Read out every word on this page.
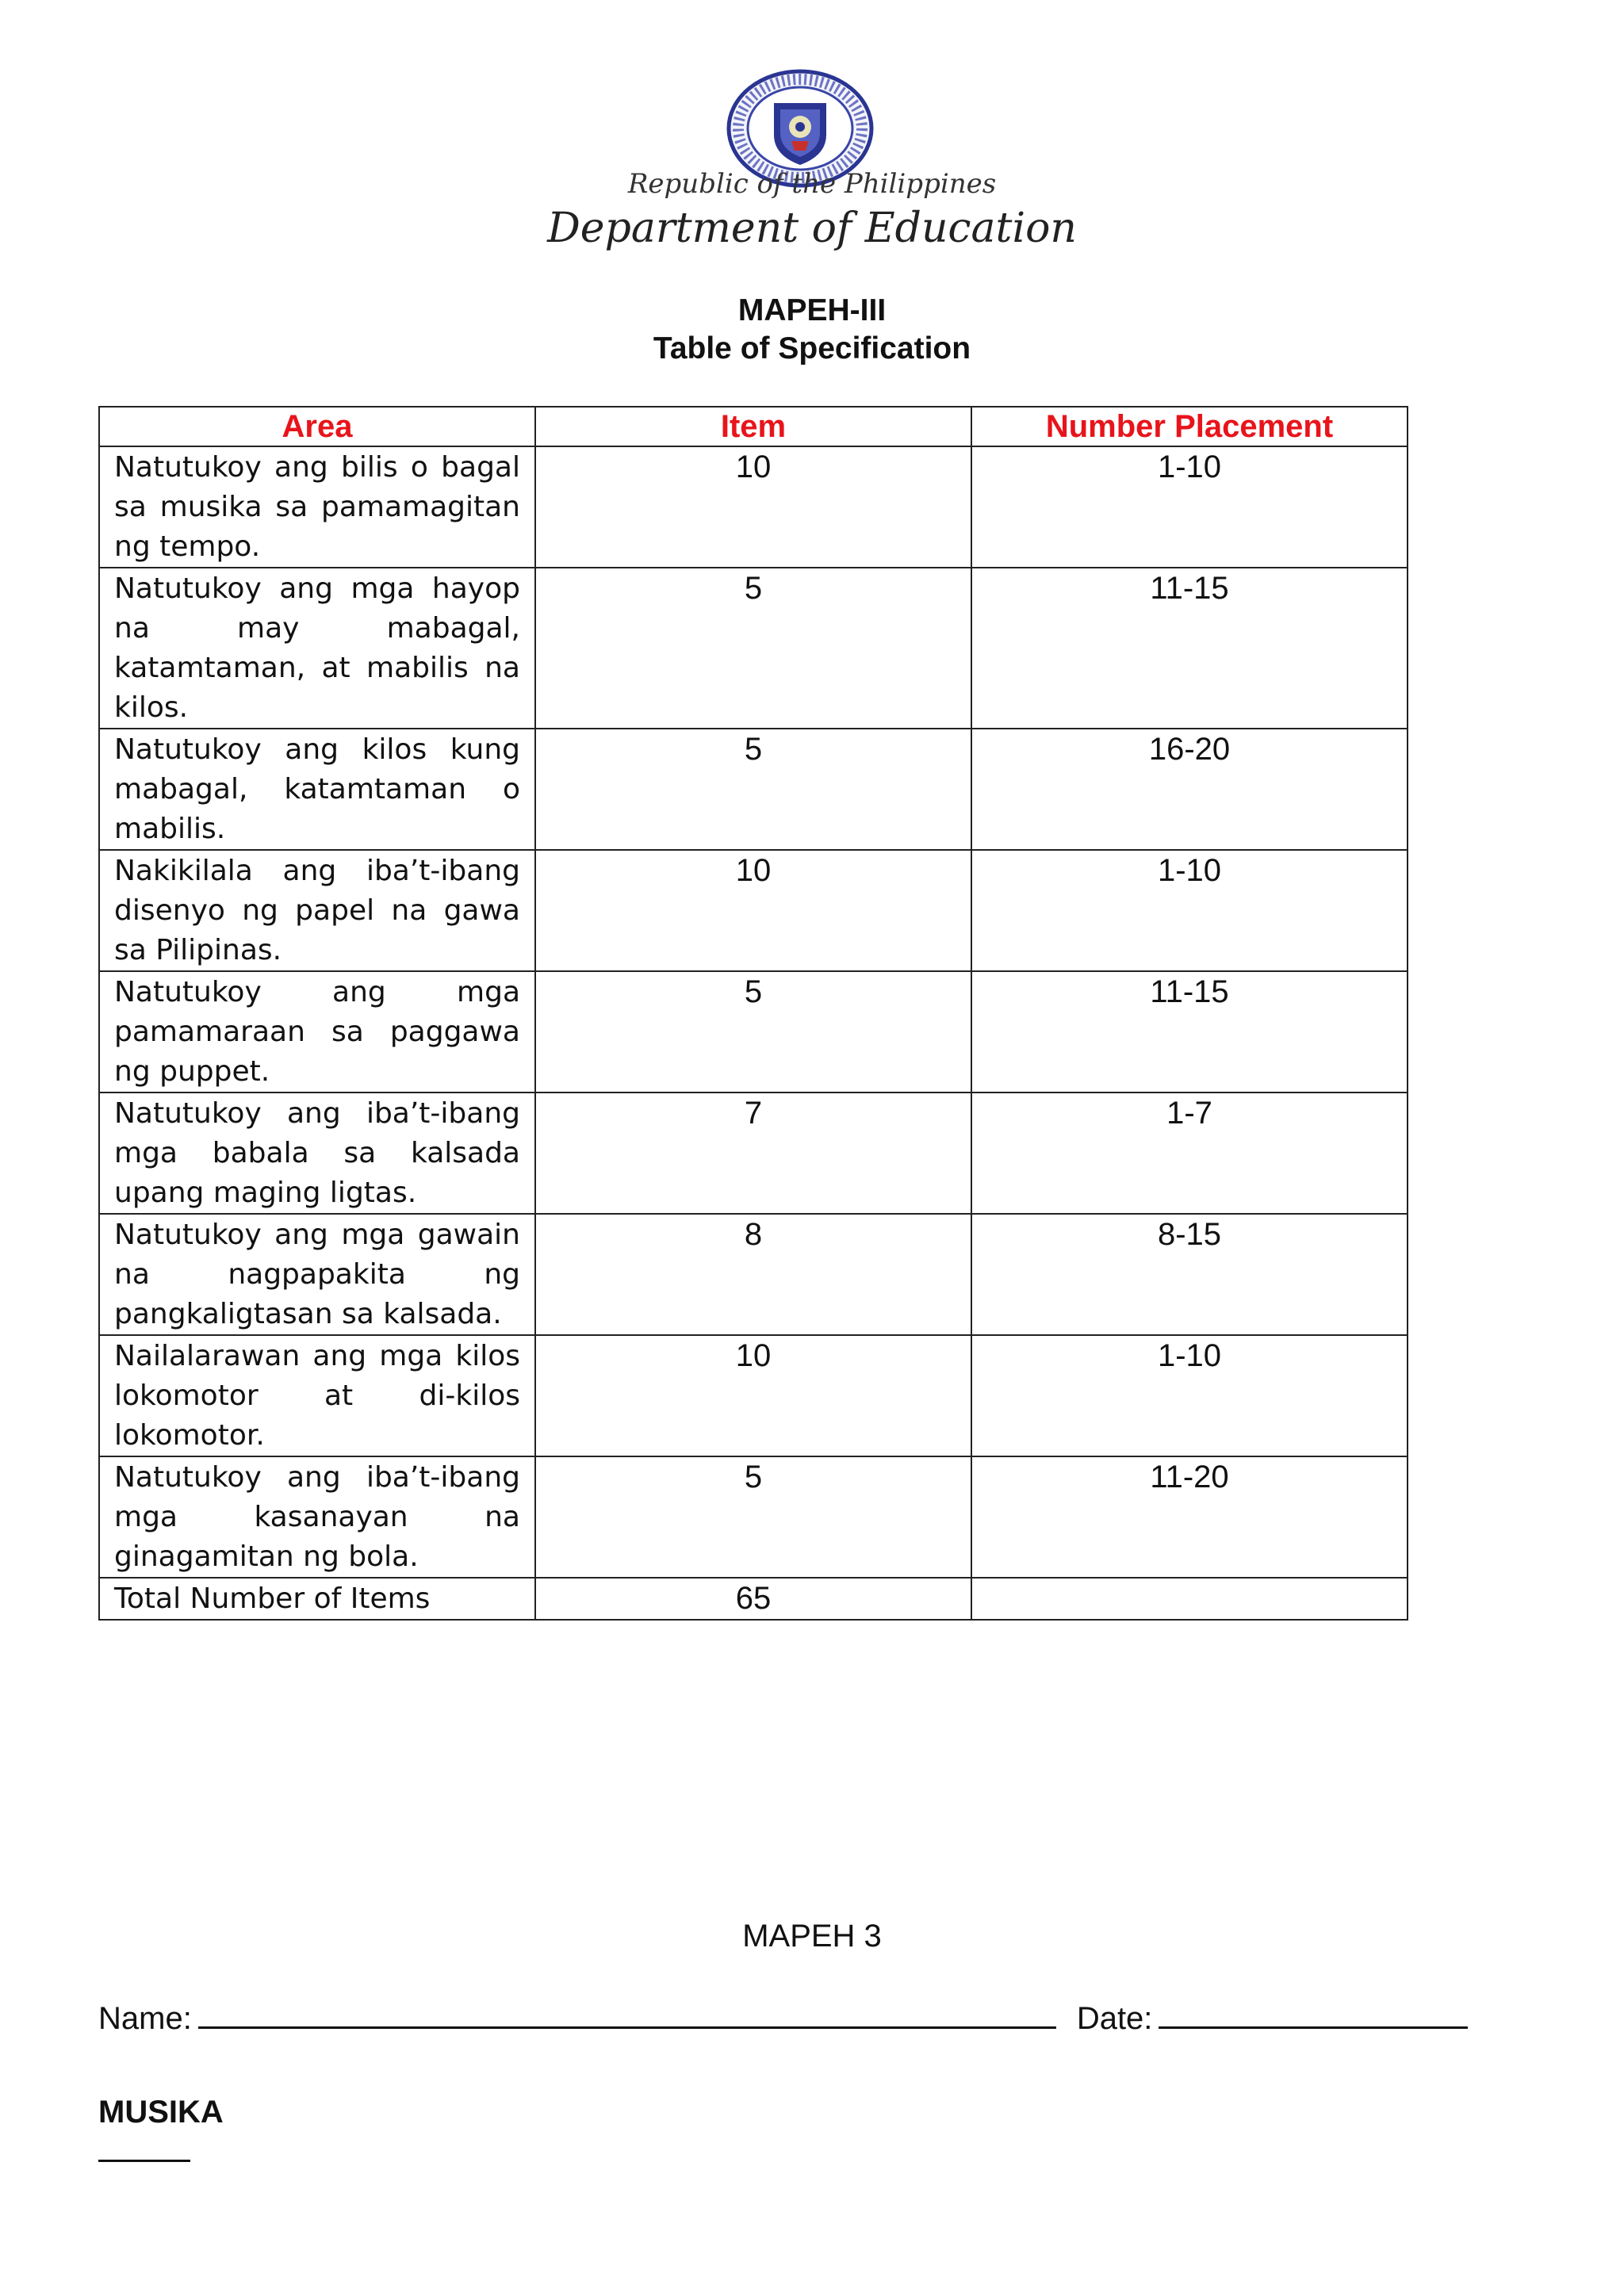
Republic of the Philippines
Department of Education
MAPEH-III
Table of Specification
Area	Item	Number Placement
Natutukoy ang bilis o bagal sa musika sa pamamagitan ng tempo.	10	1-10
Natutukoy ang mga hayop na may mabagal, katamtaman, at mabilis na kilos.	5	11-15
Natutukoy ang kilos kung mabagal, katamtaman o mabilis.	5	16-20
Nakikilala ang iba’t-ibang disenyo ng papel na gawa sa Pilipinas.	10	1-10
Natutukoy ang mga pamamaraan sa paggawa ng puppet.	5	11-15
Natutukoy ang iba’t-ibang mga babala sa kalsada upang maging ligtas.	7	1-7
Natutukoy ang mga gawain na nagpapakita ng pangkaligtasan sa kalsada.	8	8-15
Nailalarawan ang mga kilos lokomotor at di-kilos lokomotor.	10	1-10
Natutukoy ang iba’t-ibang mga kasanayan na ginagamitan ng bola.	5	11-20
Total Number of Items	65	
MAPEH 3
Name:	Date:
MUSIKA
